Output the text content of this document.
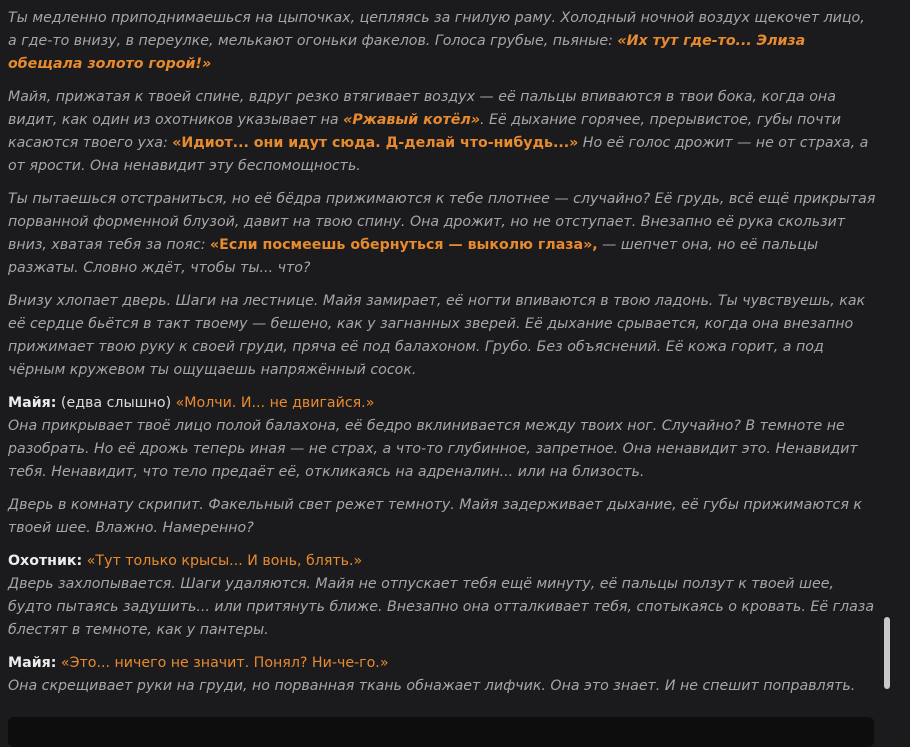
Ты медленно приподнимаешься на цыпочках, цепляясь за гнилую раму. Холодный ночной воздух щекочет лицо, а где-то внизу, в переулке, мелькают огоньки факелов. Голоса грубые, пьяные: «Их тут где-то... Элиза обещала золото горой!»

Майя, прижатая к твоей спине, вдруг резко втягивает воздух — её пальцы впиваются в твои бока, когда она видит, как один из охотников указывает на «Ржавый котёл». Её дыхание горячее, прерывистое, губы почти касаются твоего уха: «Идиот... они идут сюда. Д-делай что-нибудь...» Но её голос дрожит — не от страха, а от ярости. Она ненавидит эту беспомощность.

Ты пытаешься отстраниться, но её бёдра прижимаются к тебе плотнее — случайно? Её грудь, всё ещё прикрытая порванной форменной блузой, давит на твою спину. Она дрожит, но не отступает. Внезапно её рука скользит вниз, хватая тебя за пояс: «Если посмеешь обернуться — выколю глаза», — шепчет она, но её пальцы разжаты. Словно ждёт, чтобы ты... что?

Внизу хлопает дверь. Шаги на лестнице. Майя замирает, её ногти впиваются в твою ладонь. Ты чувствуешь, как её сердце бьётся в такт твоему — бешено, как у загнанных зверей. Её дыхание срывается, когда она внезапно прижимает твою руку к своей груди, пряча её под балахоном. Грубо. Без объяснений. Её кожа горит, а под чёрным кружевом ты ощущаешь напряжённый сосок.

Майя: (едва слышно) «Молчи. И... не двигайся.»

Она прикрывает твоё лицо полой балахона, её бедро вклинивается между твоих ног. Случайно? В темноте не разобрать. Но её дрожь теперь иная — не страх, а что-то глубинное, запретное. Она ненавидит это. Ненавидит тебя. Ненавидит, что тело предаёт её, откликаясь на адреналин... или на близость.

Дверь в комнату скрипит. Факельный свет режет темноту. Майя задерживает дыхание, её губы прижимаются к твоей шее. Влажно. Намеренно?

Охотник: «Тут только крысы... И вонь, блять.»

Дверь захлопывается. Шаги удаляются. Майя не отпускает тебя ещё минуту, её пальцы ползут к твоей шее, будто пытаясь задушить... или притянуть ближе. Внезапно она отталкивает тебя, спотыкаясь о кровать. Её глаза блестят в темноте, как у пантеры.

Майя: «Это... ничего не значит. Понял? Ни-че-го.»

Она скрещивает руки на груди, но порванная ткань обнажает лифчик. Она это знает. И не спешит поправлять.
